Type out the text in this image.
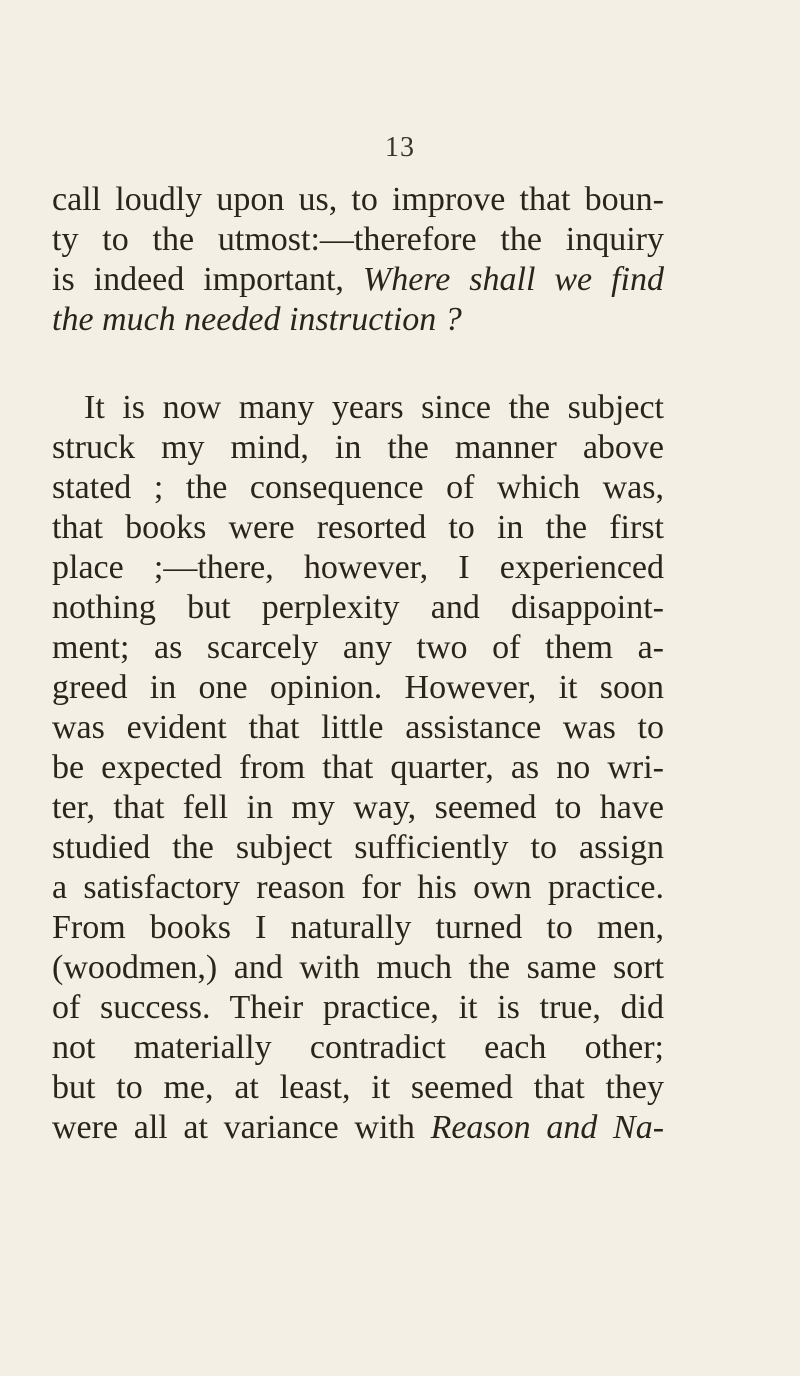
13
call loudly upon us, to improve that boun-
ty to the utmost:—therefore the inquiry
is indeed important, Where shall we find
the much needed instruction ?
It is now many years since the subject
struck my mind, in the manner above
stated ; the consequence of which was,
that books were resorted to in the first
place ;—there, however, I experienced
nothing but perplexity and disappoint-
ment; as scarcely any two of them a-
greed in one opinion. However, it soon
was evident that little assistance was to
be expected from that quarter, as no wri-
ter, that fell in my way, seemed to have
studied the subject sufficiently to assign
a satisfactory reason for his own practice.
From books I naturally turned to men,
(woodmen,) and with much the same sort
of success. Their practice, it is true, did
not materially contradict each other;
but to me, at least, it seemed that they
were all at variance with Reason and Na-
